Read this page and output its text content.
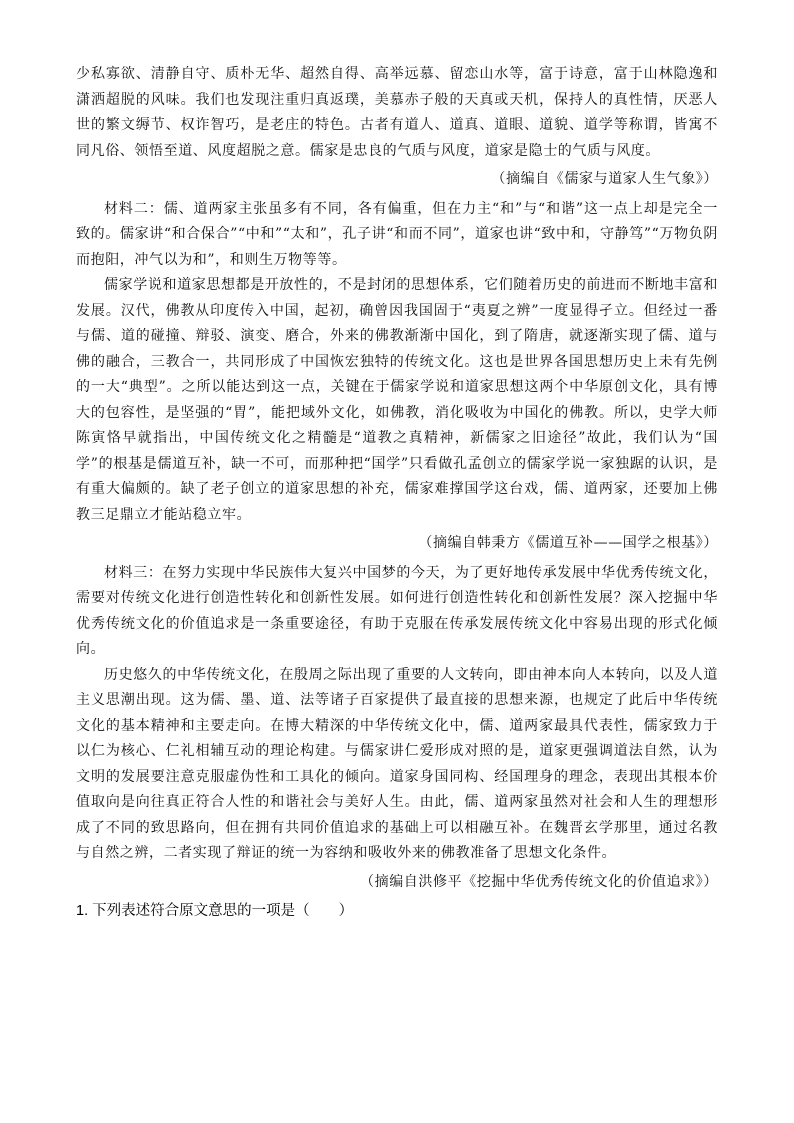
少私寡欲、清静自守、质朴无华、超然自得、高举远慕、留恋山水等，富于诗意，富于山林隐逸和潇洒超脱的风味。我们也发现注重归真返璞，美慕赤子般的天真或天机，保持人的真性情，厌恶人世的繁文缛节、权诈智巧，是老庄的特色。古者有道人、道真、道眼、道貌、道学等称谓，皆寓不同凡俗、领悟至道、风度超脱之意。儒家是忠良的气质与风度，道家是隐士的气质与风度。

（摘编自《儒家与道家人生气象》）

材料二：儒、道两家主张虽多有不同，各有偏重，但在力主“和”与“和谐”这一点上却是完全一致的。儒家讲“和合保合”“中和”“太和”，孔子讲“和而不同”，道家也讲“致中和，守静笃”“万物负阴而抱阳，冲气以为和”，和则生万物等等。

儒家学说和道家思想都是开放性的，不是封闭的思想体系，它们随着历史的前进而不断地丰富和发展。汉代，佛教从印度传入中国，起初，确曾因我国固于“夷夏之辨”一度显得孑立。但经过一番与儒、道的碰撞、辩驳、演变、磨合，外来的佛教渐渐中国化，到了隋唐，就逐渐实现了儒、道与佛的融合，三教合一，共同形成了中国恢宏独特的传统文化。这也是世界各国思想历史上未有先例的一大“典型”。之所以能达到这一点，关键在于儒家学说和道家思想这两个中华原创文化，具有博大的包容性，是坚强的“胃”，能把域外文化，如佛教，消化吸收为中国化的佛教。所以，史学大师陈寅恪早就指出，中国传统文化之精髓是“道教之真精神，新儒家之旧途径”故此，我们认为“国学”的根基是儒道互补，缺一不可，而那种把“国学”只看做孔孟创立的儒家学说一家独踞的认识，是有重大偏颇的。缺了老子创立的道家思想的补充，儒家难撑国学这台戏，儒、道两家，还要加上佛教三足鼎立才能站稳立牢。

（摘编自韩秉方《儒道互补——国学之根基》）

材料三：在努力实现中华民族伟大复兴中国梦的今天，为了更好地传承发展中华优秀传统文化，需要对传统文化进行创造性转化和创新性发展。如何进行创造性转化和创新性发展？深入挖掘中华优秀传统文化的价值追求是一条重要途径，有助于克服在传承发展传统文化中容易出现的形式化倾向。

历史悠久的中华传统文化，在殷周之际出现了重要的人文转向，即由神本向人本转向，以及人道主义思潮出现。这为儒、墨、道、法等诸子百家提供了最直接的思想来源，也规定了此后中华传统文化的基本精神和主要走向。在博大精深的中华传统文化中，儒、道两家最具代表性，儒家致力于以仁为核心、仁礼相辅互动的理论构建。与儒家讲仁爱形成对照的是，道家更强调道法自然，认为文明的发展要注意克服虚伪性和工具化的倾向。道家身国同构、经国理身的理念，表现出其根本价值取向是向往真正符合人性的和谐社会与美好人生。由此，儒、道两家虽然对社会和人生的理想形成了不同的致思路向，但在拥有共同价值追求的基础上可以相融互补。在魏晋玄学那里，通过名教与自然之辨，二者实现了辩证的统一为容纳和吸收外来的佛教准备了思想文化条件。

（摘编自洪修平《挖掘中华优秀传统文化的价值追求》）

1. 下列表述符合原文意思的一项是（　　）
